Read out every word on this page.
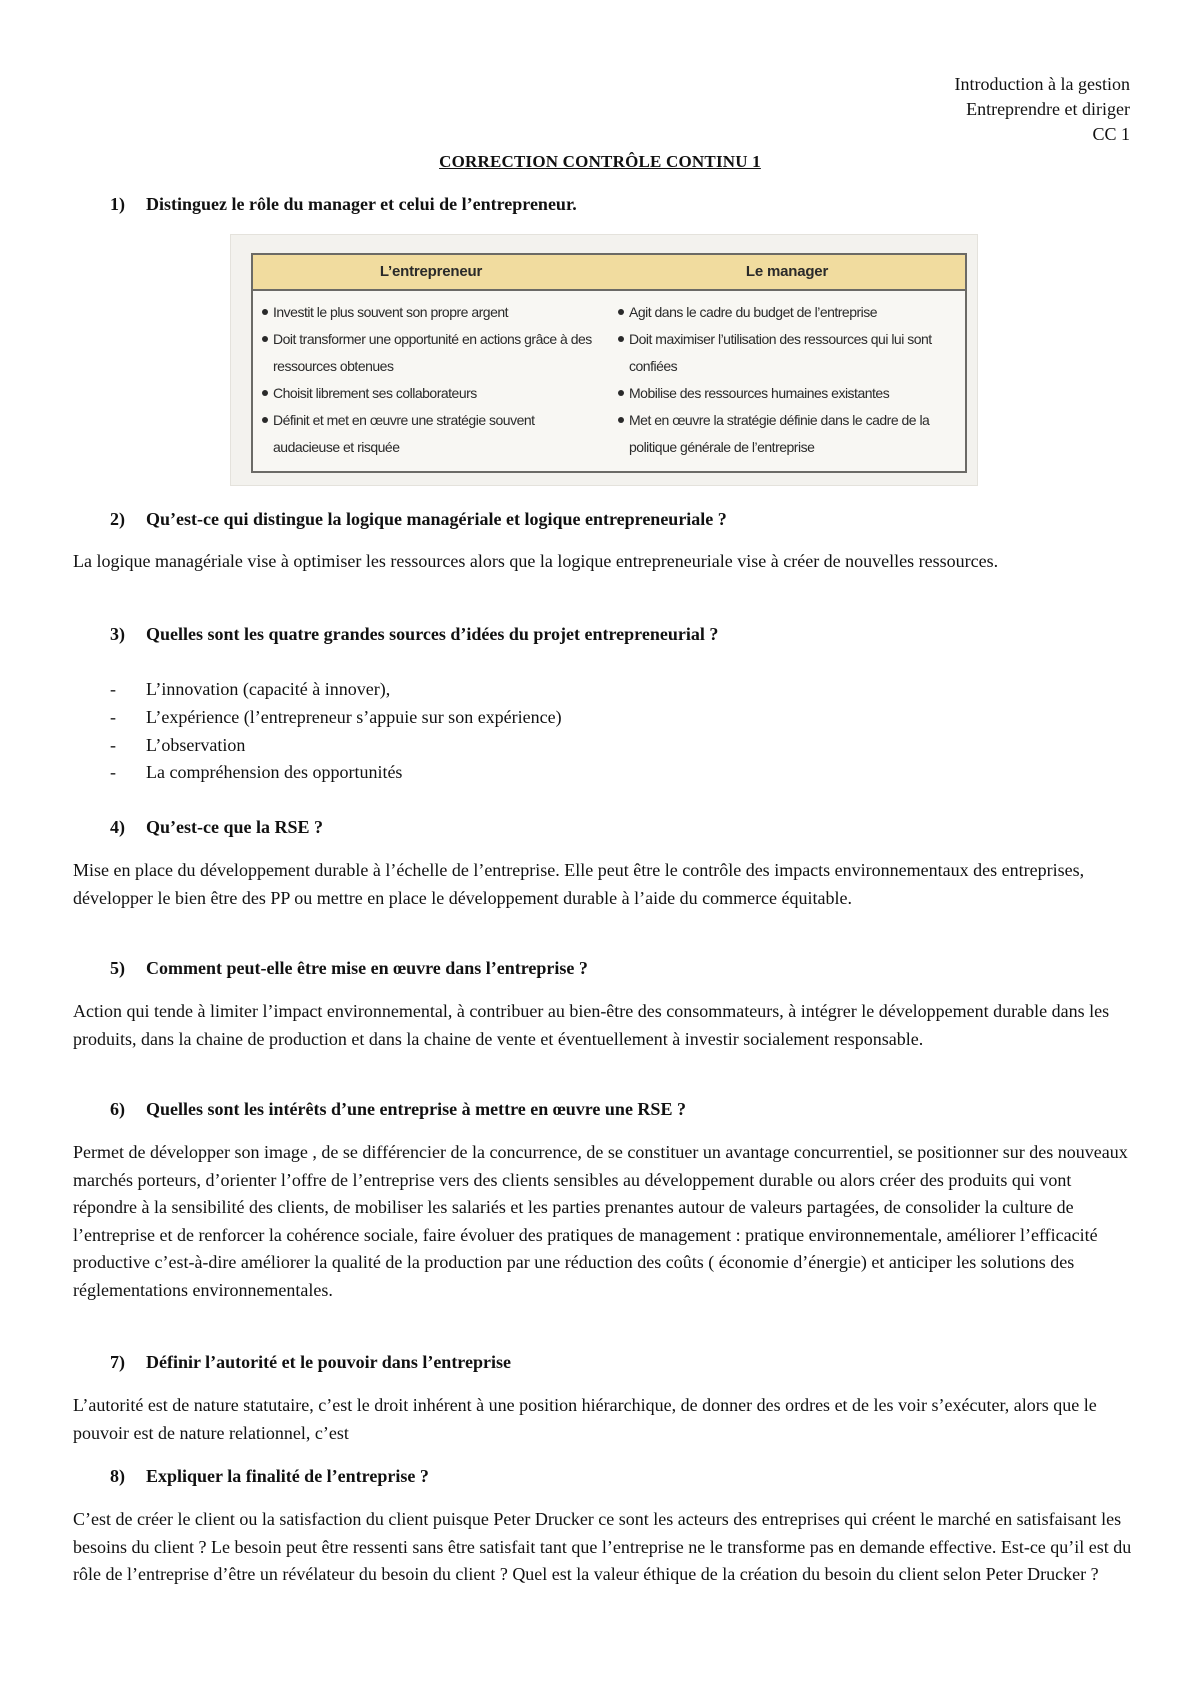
Introduction à la gestion
Entreprendre et diriger
CC 1
CORRECTION CONTRÔLE CONTINU 1
1) Distinguez le rôle du manager et celui de l’entrepreneur.
L’entrepreneur	Le manager
Investit le plus souvent son propre argent
Doit transformer une opportunité en actions grâce à des ressources obtenues
Choisit librement ses collaborateurs
Définit et met en œuvre une stratégie souvent audacieuse et risquée
Agit dans le cadre du budget de l’entreprise
Doit maximiser l’utilisation des ressources qui lui sont confiées
Mobilise des ressources humaines existantes
Met en œuvre la stratégie définie dans le cadre de la politique générale de l’entreprise
2) Qu’est-ce qui distingue la logique managériale et logique entrepreneuriale ?
La logique managériale vise à optimiser les ressources alors que la logique entrepreneuriale vise à créer de nouvelles ressources.
3) Quelles sont les quatre grandes sources d’idées du projet entrepreneurial ?
- L’innovation (capacité à innover),
- L’expérience (l’entrepreneur s’appuie sur son expérience)
- L’observation
- La compréhension des opportunités
4) Qu’est-ce que la RSE ?
Mise en place du développement durable à l’échelle de l’entreprise. Elle peut être le contrôle des impacts environnementaux des entreprises, développer le bien être des PP ou mettre en place le développement durable à l’aide du commerce équitable.
5) Comment peut-elle être mise en œuvre dans l’entreprise ?
Action qui tende à limiter l’impact environnemental, à contribuer au bien-être des consommateurs, à intégrer le développement durable dans les produits, dans la chaine de production et dans la chaine de vente et éventuellement à investir socialement responsable.
6) Quelles sont les intérêts d’une entreprise à mettre en œuvre une RSE ?
Permet de développer son image , de se différencier de la concurrence, de se constituer un avantage concurrentiel, se positionner sur des nouveaux marchés porteurs, d’orienter l’offre de l’entreprise vers des clients sensibles au développement durable ou alors créer des produits qui vont répondre à la sensibilité des clients, de mobiliser les salariés et les parties prenantes autour de valeurs partagées, de consolider la culture de l’entreprise et de renforcer la cohérence sociale, faire évoluer des pratiques de management : pratique environnementale, améliorer l’efficacité productive c’est-à-dire améliorer la qualité de la production par une réduction des coûts ( économie d’énergie) et anticiper les solutions des réglementations environnementales.
7) Définir l’autorité et le pouvoir dans l’entreprise
L’autorité est de nature statutaire, c’est le droit inhérent à une position hiérarchique, de donner des ordres et de les voir s’exécuter, alors que le pouvoir est de nature relationnel, c’est
8) Expliquer la finalité de l’entreprise ?
C’est de créer le client ou la satisfaction du client puisque Peter Drucker ce sont les acteurs des entreprises qui créent le marché en satisfaisant les besoins du client ? Le besoin peut être ressenti sans être satisfait tant que l’entreprise ne le transforme pas en demande effective. Est-ce qu’il est du rôle de l’entreprise d’être un révélateur du besoin du client ? Quel est la valeur éthique de la création du besoin du client selon Peter Drucker ?
